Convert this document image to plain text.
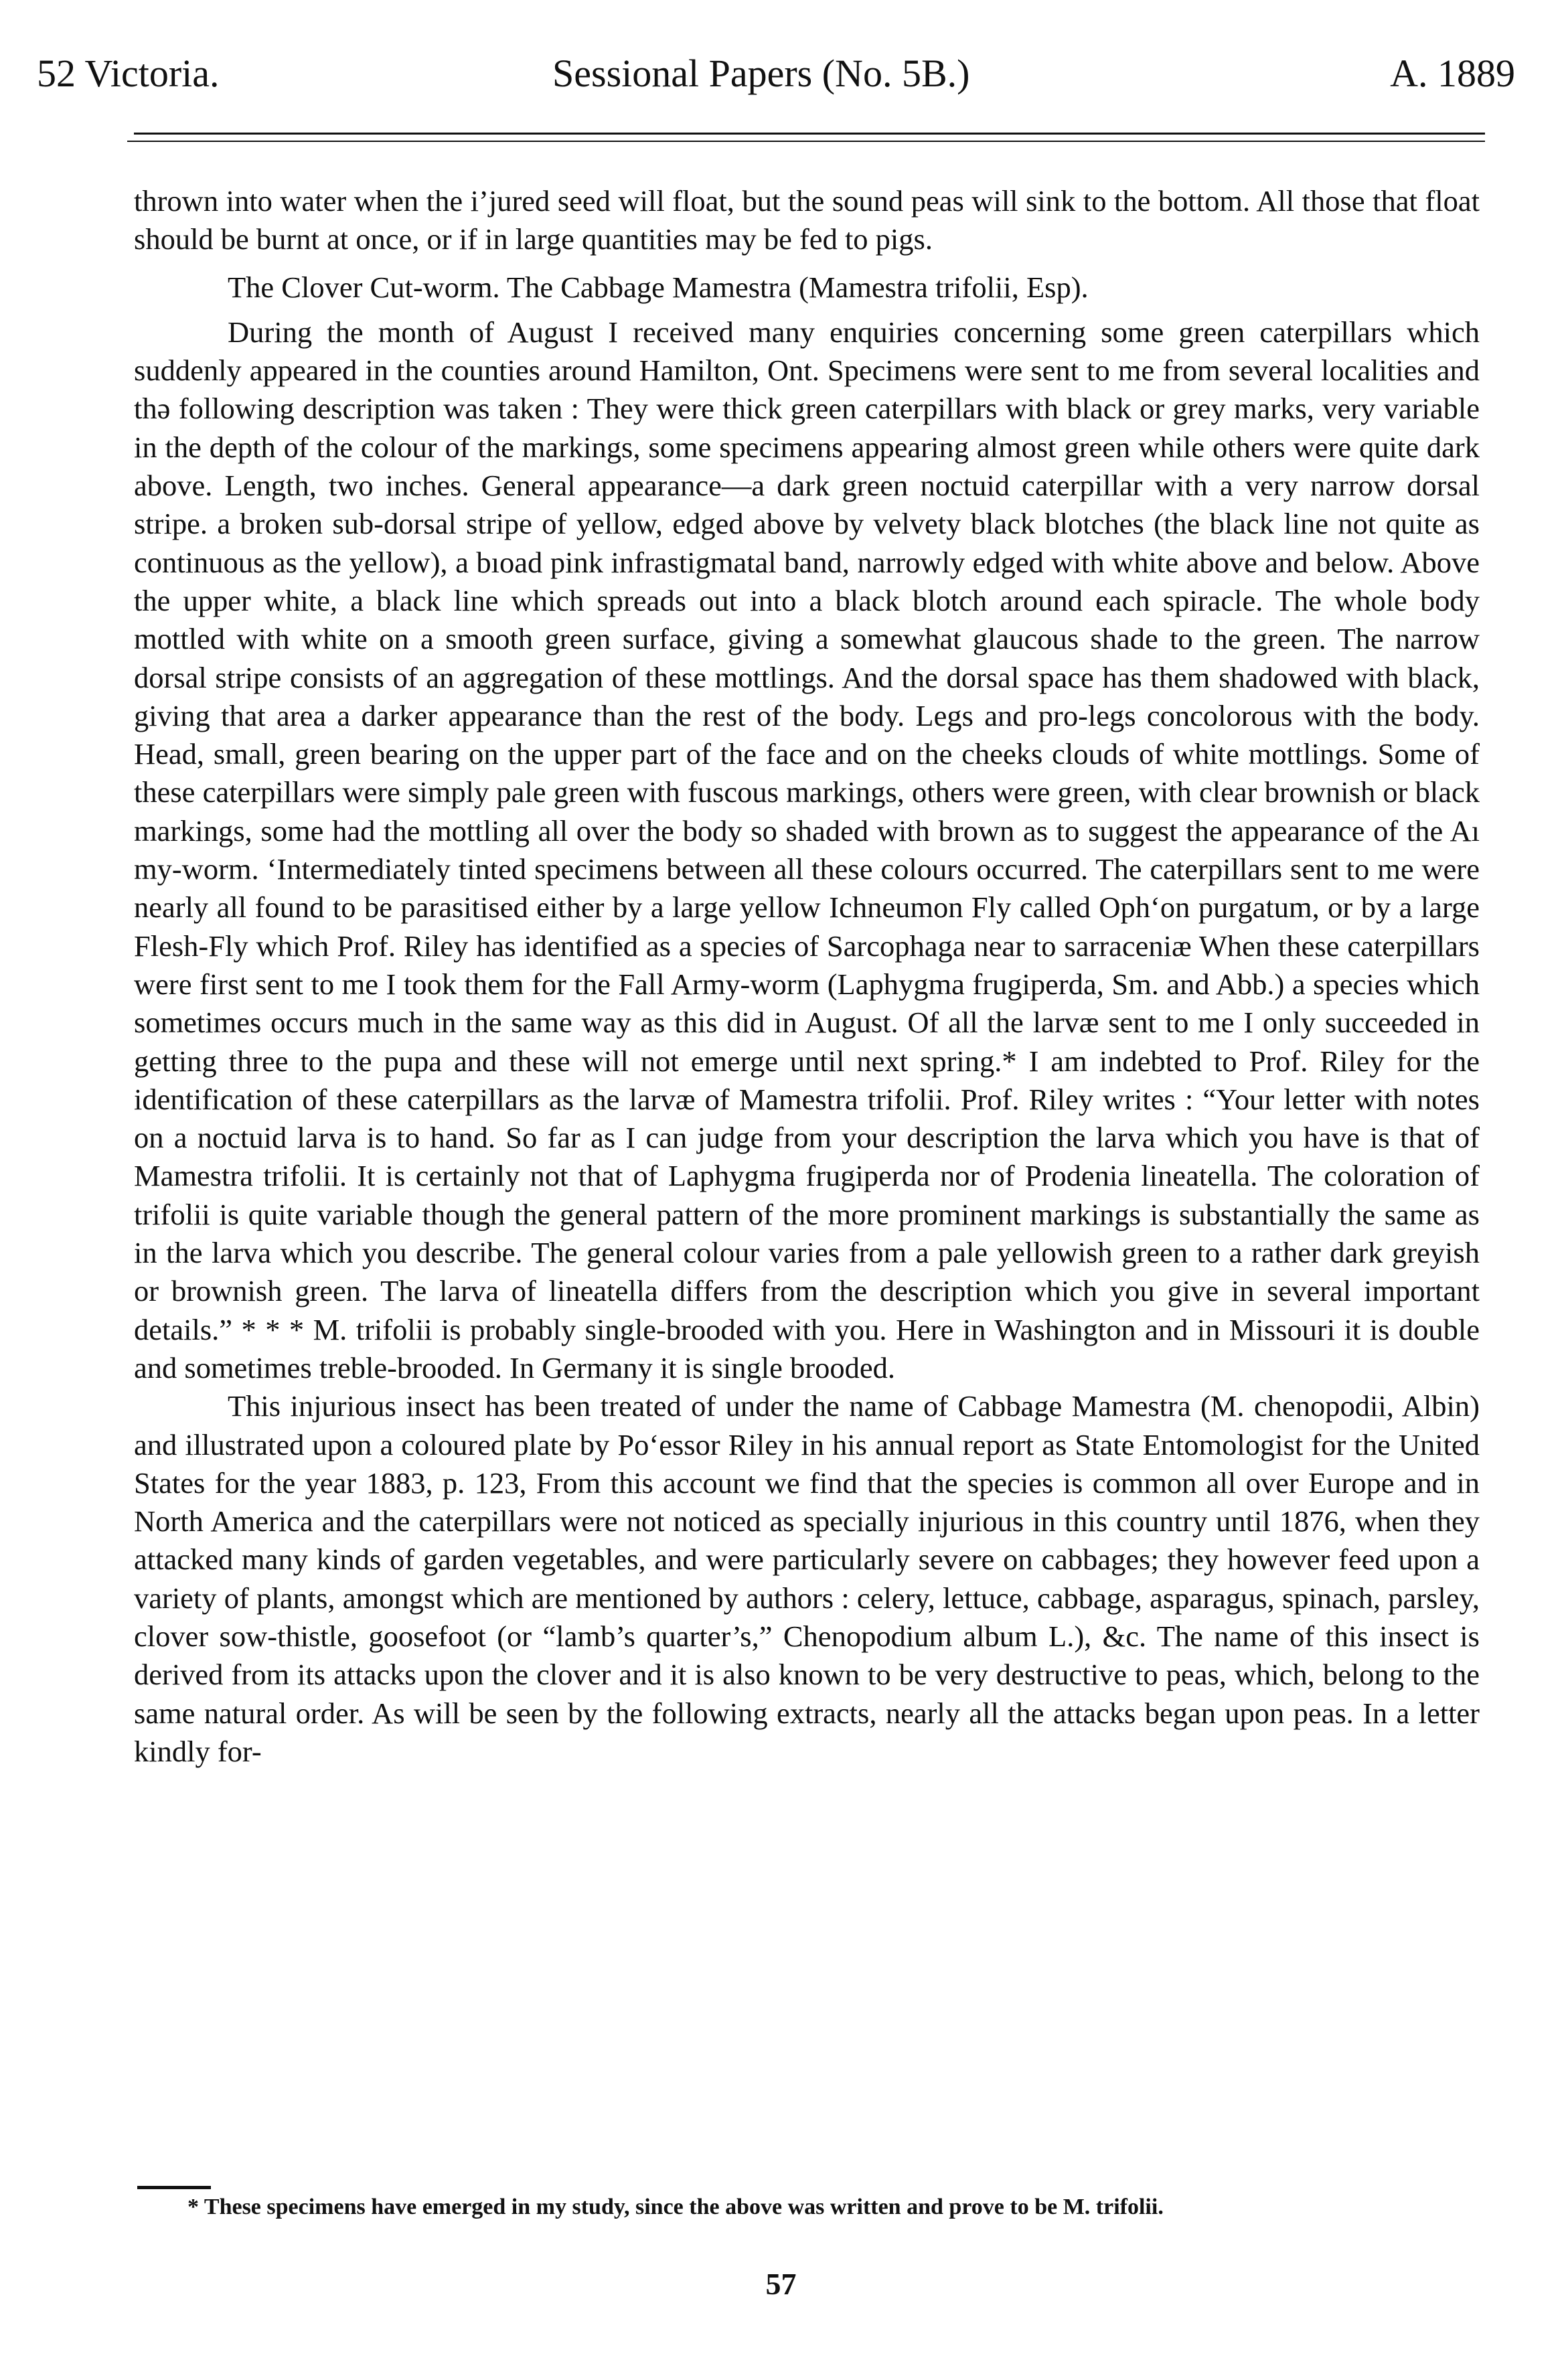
52 Victoria.	Sessional Papers (No. 5B.)	A. 1889

thrown into water when the i’jured seed will float, but the sound peas will sink to the bottom. All those that float should be burnt at once, or if in large quantities may be fed to pigs.

The Clover Cut-worm. The Cabbage Mamestra (Mamestra trifolii, Esp).

During the month of August I received many enquiries concerning some green caterpillars which suddenly appeared in the counties around Hamilton, Ont. Specimens were sent to me from several localities and thə following description was taken : They were thick green caterpillars with black or grey marks, very variable in the depth of the colour of the markings, some specimens appearing almost green while others were quite dark above. Length, two inches. General appearance—a dark green noctuid caterpillar with a very narrow dorsal stripe. a broken sub-dorsal stripe of yellow, edged above by velvety black blotches (the black line not quite as continuous as the yellow), a bıoad pink infrastigmatal band, narrowly edged with white above and below. Above the upper white, a black line which spreads out into a black blotch around each spiracle. The whole body mottled with white on a smooth green surface, giving a somewhat glaucous shade to the green. The narrow dorsal stripe consists of an aggregation of these mottlings. And the dorsal space has them shadowed with black, giving that area a darker appearance than the rest of the body. Legs and pro-legs concolorous with the body. Head, small, green bearing on the upper part of the face and on the cheeks clouds of white mottlings. Some of these caterpillars were simply pale green with fuscous markings, others were green, with clear brownish or black markings, some had the mottling all over the body so shaded with brown as to suggest the appearance of the Aı my-worm. ‘Intermediately tinted specimens between all these colours occurred. The caterpillars sent to me were nearly all found to be parasitised either by a large yellow Ichneumon Fly called Oph‘on purgatum, or by a large Flesh-Fly which Prof. Riley has identified as a species of Sarcophaga near to sarraceniæ When these caterpillars were first sent to me I took them for the Fall Army-worm (Laphygma frugiperda, Sm. and Abb.) a species which sometimes occurs much in the same way as this did in August. Of all the larvæ sent to me I only succeeded in getting three to the pupa and these will not emerge until next spring.* I am indebted to Prof. Riley for the identification of these caterpillars as the larvæ of Mamestra trifolii. Prof. Riley writes : “Your letter with notes on a noctuid larva is to hand. So far as I can judge from your description the larva which you have is that of Mamestra trifolii. It is certainly not that of Laphygma frugiperda nor of Prodenia lineatella. The coloration of trifolii is quite variable though the general pattern of the more prominent markings is substantially the same as in the larva which you describe. The general colour varies from a pale yellowish green to a rather dark greyish or brownish green. The larva of lineatella differs from the description which you give in several important details.” * * * M. trifolii is probably single-brooded with you. Here in Washington and in Missouri it is double and sometimes treble-brooded. In Germany it is single brooded.

This injurious insect has been treated of under the name of Cabbage Mamestra (M. chenopodii, Albin) and illustrated upon a coloured plate by Po‘essor Riley in his annual report as State Entomologist for the United States for the year 1883, p. 123, From this account we find that the species is common all over Europe and in North America and the caterpillars were not noticed as specially injurious in this country until 1876, when they attacked many kinds of garden vegetables, and were particularly severe on cabbages; they however feed upon a variety of plants, amongst which are mentioned by authors : celery, lettuce, cabbage, asparagus, spinach, parsley, clover sow-thistle, goosefoot (or “lamb’s quarter’s,” Chenopodium album L.), &c. The name of this insect is derived from its attacks upon the clover and it is also known to be very destructive to peas, which, belong to the same natural order. As will be seen by the following extracts, nearly all the attacks began upon peas. In a letter kindly for-

* These specimens have emerged in my study, since the above was written and prove to be M. trifolii.
57
